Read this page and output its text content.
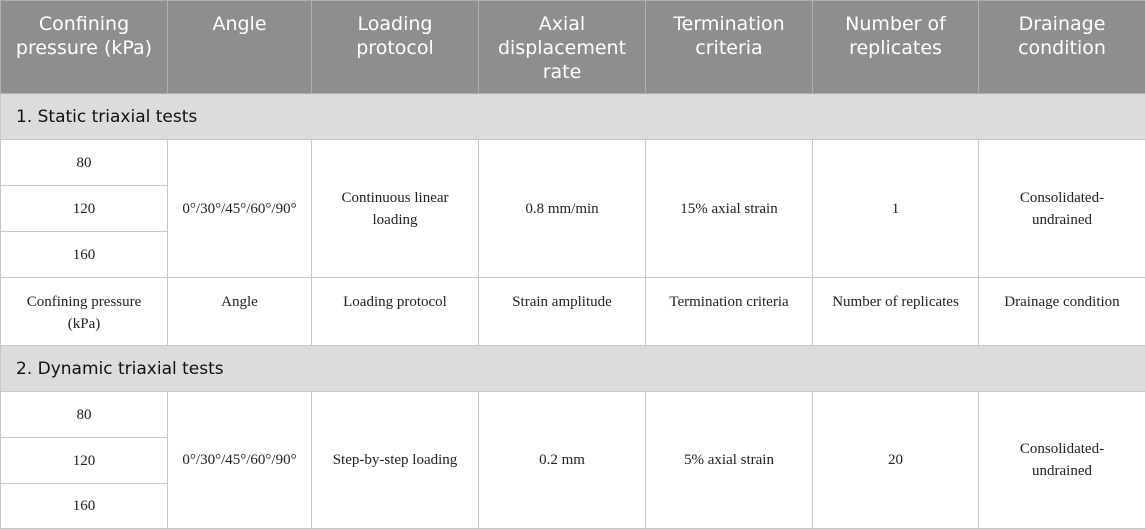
Confining pressure (kPa)	Angle	Loading protocol	Axial displacement rate	Termination criteria	Number of replicates	Drainage condition
1. Static triaxial tests						
80	0°/30°/45°/60°/90°	Continuous linear loading	0.8 mm/min	15% axial strain	1	Consolidated-undrained
120						
160						
Confining pressure (kPa)	Angle	Loading protocol	Strain amplitude	Termination criteria	Number of replicates	Drainage condition
2. Dynamic triaxial tests						
80	0°/30°/45°/60°/90°	Step-by-step loading	0.2 mm	5% axial strain	20	Consolidated-undrained
120						
160						
